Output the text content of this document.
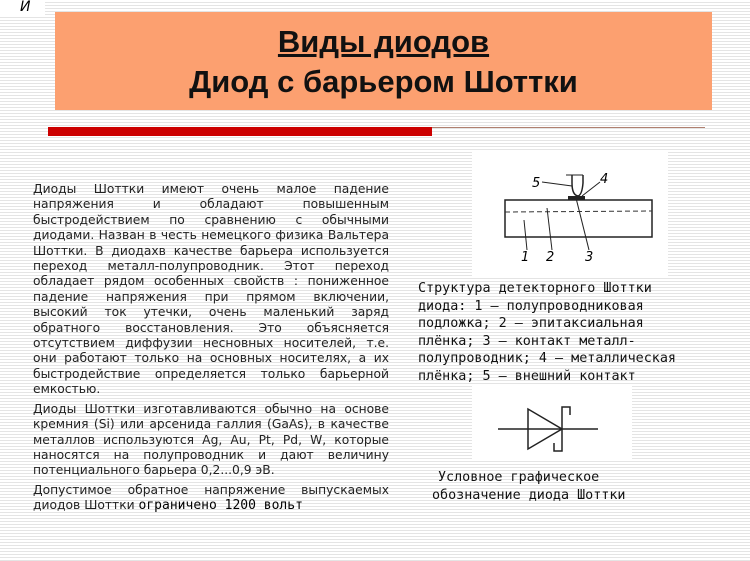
И
Виды диодов
Диод с барьером Шоттки

Диоды Шоттки имеют очень малое падение напряжения и обладают повышенным быстродействием по сравнению с обычными диодами. Назван в честь немецкого физика Вальтера Шоттки. В диодахв качестве барьера используется переход металл-полупроводник. Этот переход обладает рядом особенных свойств : пониженное падение напряжения при прямом включении, высокий ток утечки, очень маленький заряд обратного восстановления. Это объясняется отсутствием диффузии несновных носителей, т.е. они работают только на основных носителях, а их быстродействие определяется только барьерной емкостью.

Диоды Шоттки изготавливаются обычно на основе кремния (Si) или арсенида галлия (GaAs), в качестве металлов используются Ag, Au, Pt, Pd, W, которые наносятся на полупроводник и дают величину потенциального барьера 0,2...0,9 эВ.

Допустимое обратное напряжение выпускаемых диодов Шоттки ограничено 1200 вольт

1 2 3
4
5
Структура детекторного Шоттки диода: 1 — полупроводниковая подложка; 2 — эпитаксиальная плёнка; 3 — контакт металл-полупроводник; 4 — металлическая плёнка; 5 — внешний контакт
Условное графическое
обозначение диода Шоттки
